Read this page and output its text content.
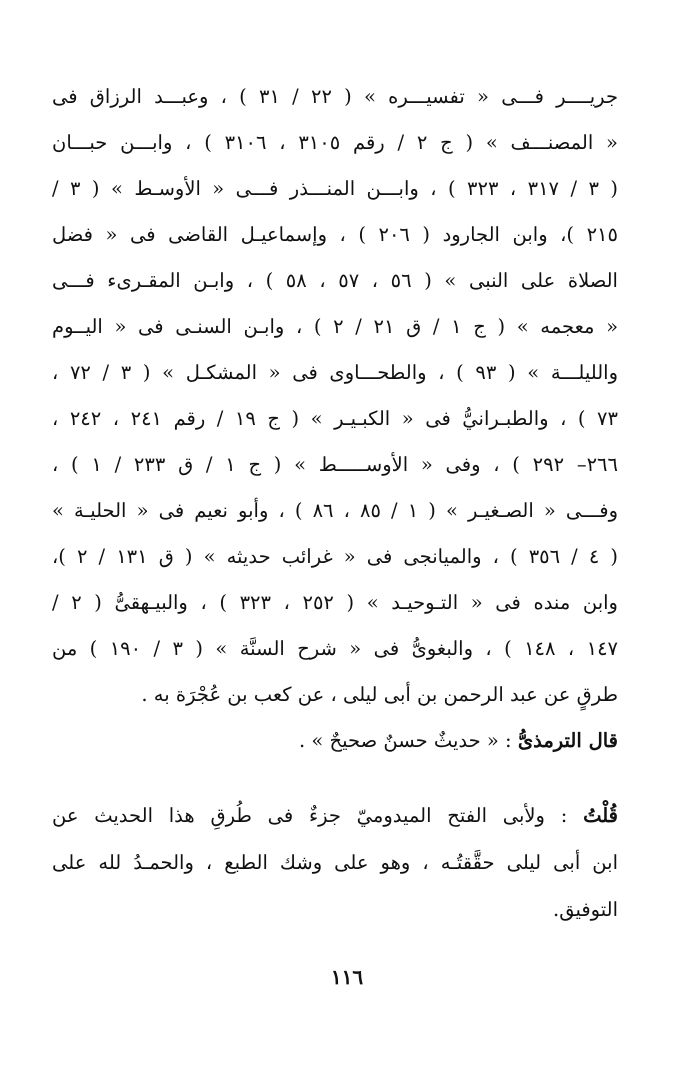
جريــــر فـــى « تفسيـــره » ( ٢٢ / ٣١ ) ، وعبـــد الرزاق فى
« المصنـــف » ( ج ٢ / رقم ٣١٠٥ ، ٣١٠٦ ) ، وابـــن حبـــان
( ٣ / ٣١٧ ، ٣٢٣ ) ، وابـــن المنـــذر فـــى « الأوسـط » ( ٣ /
٢١٥ )، وابن الجارود ( ٢٠٦ ) ، وإسماعيـل القاضى فى « فضل
الصلاة على النبى » ( ٥٦ ، ٥٧ ، ٥٨ ) ، وابـن المقـرىء فـــى
« معجمه » ( ج ١ / ق ٢١ / ٢ ) ، وابـن السنـى فى « اليــوم
والليلـــة » ( ٩٣ ) ، والطحـــاوى فى « المشكـل » ( ٣ / ٧٢ ،
٧٣ ) ، والطبـرانيُّ فى « الكبـيـر » ( ج ١٩ / رقم ٢٤١ ، ٢٤٢ ،
٢٦٦– ٢٩٢ ) ، وفى « الأوســـــط » ( ج ١ / ق ٢٣٣ / ١ ) ،
وفـــى « الصـغيـر » ( ١ / ٨٥ ، ٨٦ ) ، وأبو نعيم فى « الحليـة »
( ٤ / ٣٥٦ ) ، والميانجى فى « غرائب حديثه » ( ق ١٣١ / ٢ )،
وابن منده فى « التـوحيـد » ( ٢٥٢ ، ٣٢٣ ) ، والبيـهقىُّ ( ٢ /
١٤٧ ، ١٤٨ ) ، والبغوىُّ فى « شرح السنَّة » ( ٣ / ١٩٠ ) من
طرقٍ عن عبد الرحمن بن أبى ليلى ، عن كعب بن عُجْرَة به .
قال الترمذىُّ : « حديثٌ حسنٌ صحيحٌ » .
قُلْتُ : ولأبى الفتح الميدوميّ جزءٌ فى طُرقِ هذا الحديث عن
ابن أبى ليلى حقَّقتُـه ، وهو على وشك الطبع ، والحمـدُ لله على
التوفيق.
١١٦
